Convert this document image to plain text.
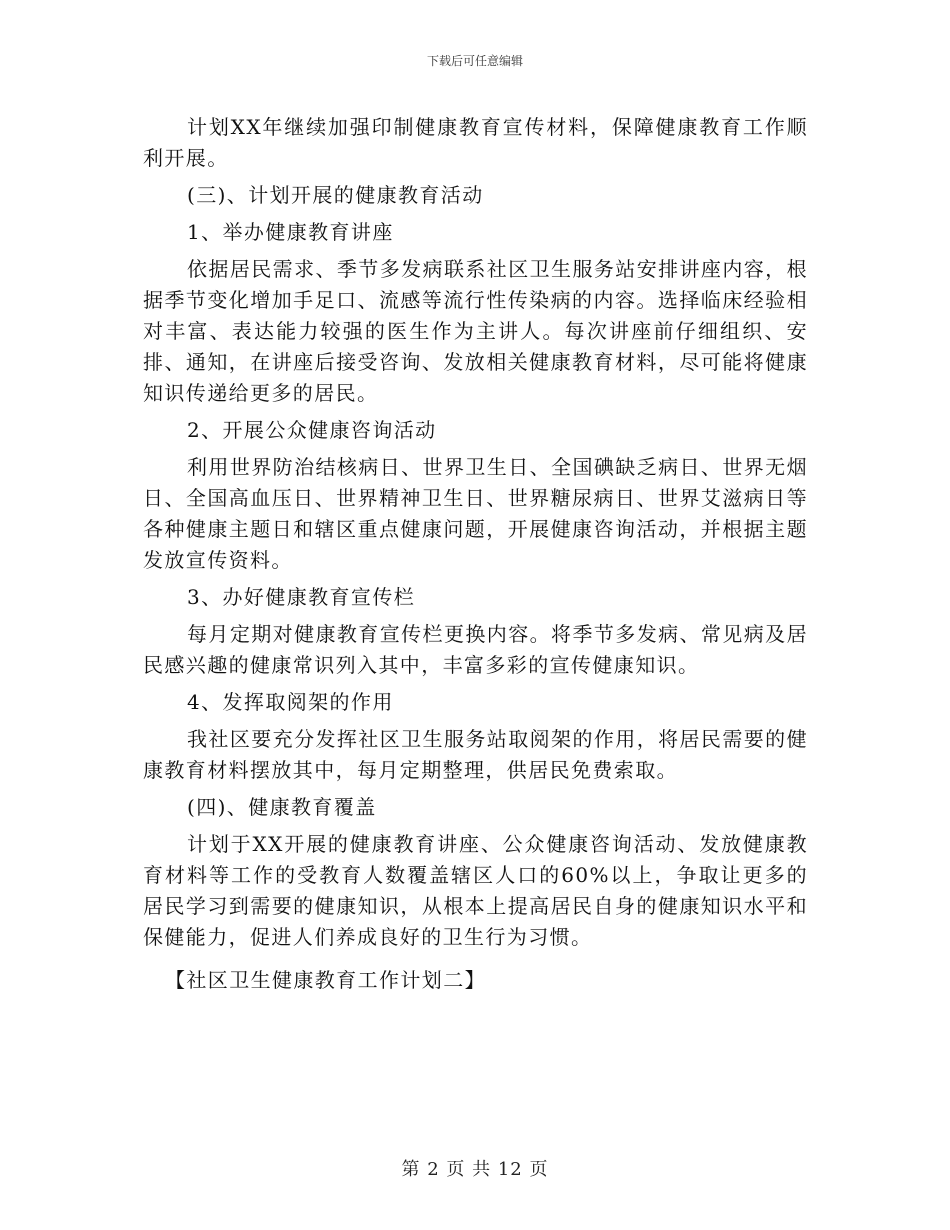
下载后可任意编辑

计划XX年继续加强印制健康教育宣传材料，保障健康教育工作顺利开展。

(三)、计划开展的健康教育活动

1、举办健康教育讲座

依据居民需求、季节多发病联系社区卫生服务站安排讲座内容，根据季节变化增加手足口、流感等流行性传染病的内容。选择临床经验相对丰富、表达能力较强的医生作为主讲人。每次讲座前仔细组织、安排、通知，在讲座后接受咨询、发放相关健康教育材料，尽可能将健康知识传递给更多的居民。

2、开展公众健康咨询活动

利用世界防治结核病日、世界卫生日、全国碘缺乏病日、世界无烟日、全国高血压日、世界精神卫生日、世界糖尿病日、世界艾滋病日等各种健康主题日和辖区重点健康问题，开展健康咨询活动，并根据主题发放宣传资料。

3、办好健康教育宣传栏

每月定期对健康教育宣传栏更换内容。将季节多发病、常见病及居民感兴趣的健康常识列入其中，丰富多彩的宣传健康知识。

4、发挥取阅架的作用

我社区要充分发挥社区卫生服务站取阅架的作用，将居民需要的健康教育材料摆放其中，每月定期整理，供居民免费索取。

(四)、健康教育覆盖

计划于XX开展的健康教育讲座、公众健康咨询活动、发放健康教育材料等工作的受教育人数覆盖辖区人口的60%以上，争取让更多的居民学习到需要的健康知识，从根本上提高居民自身的健康知识水平和保健能力，促进人们养成良好的卫生行为习惯。

【社区卫生健康教育工作计划二】

第 2 页 共 12 页
